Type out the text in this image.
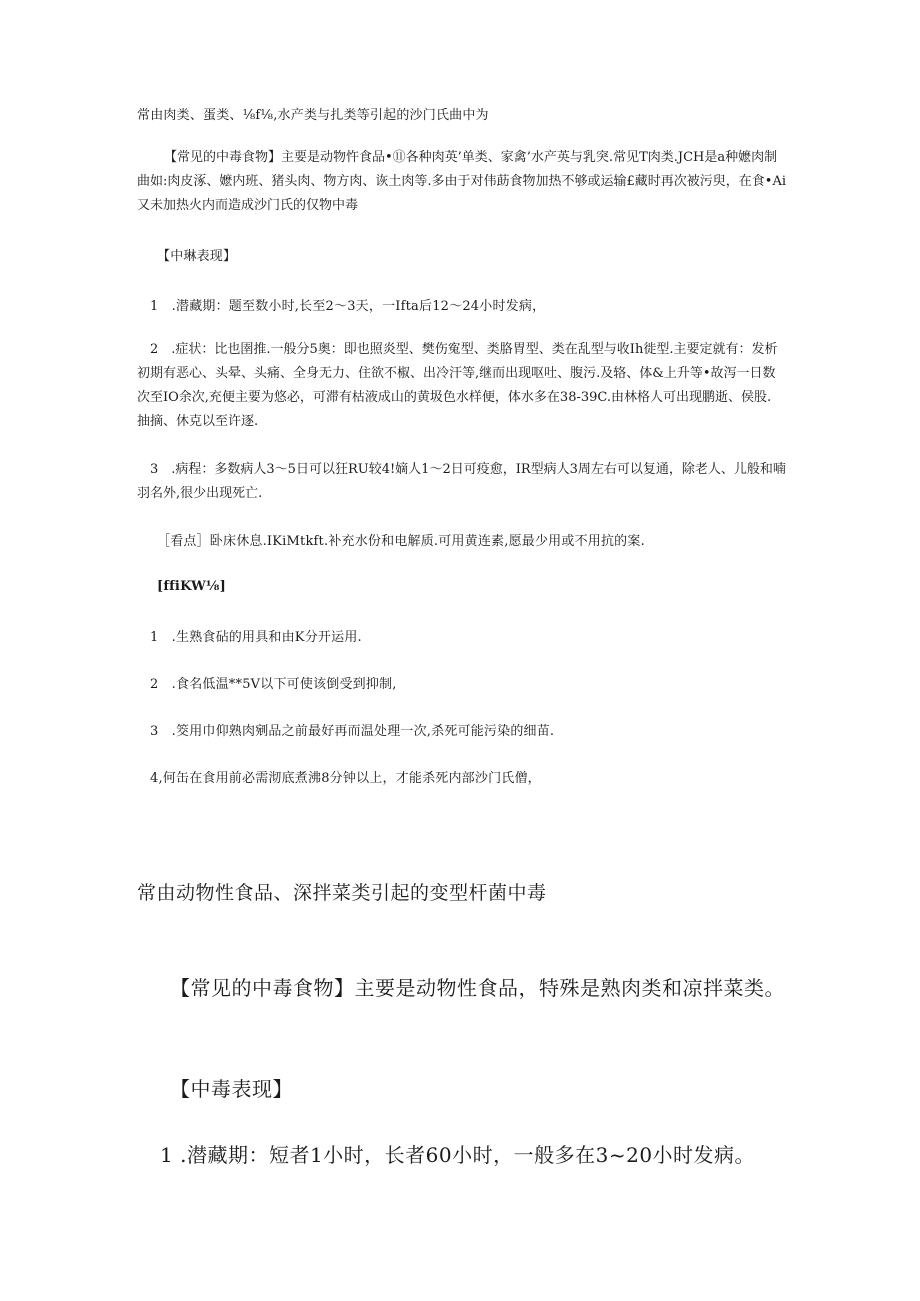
常由肉类、蛋类、⅛f⅛,水产类与扎类等引起的沙门氏曲中为

【常见的中毒食物】主要是动物忤食品•⑪各种肉英’单类、家禽’水产英与乳突.常见T肉类.JCH是a种嬷肉制
曲如:肉皮涿、嬷内班、猪头肉、物方肉、诙土肉等.多由于对伟莇食物加热不够或运输£藏时再次被污臾，在食•Ai
又未加热火内而造成沙门氏的仅物中毒

【中琳表现】

1　.潜藏期：题至数小时,长至2〜3天，一Ifta后12〜24小时发病，

2　.症状：比也圉推.一般分5奥：即也照炎型、樊伤寃型、类胳胃型、类在乱型与收Ih徙型.主要定就有：发析
初期有恶心、头晕、头痛、全身无力、住欲不椒、出冷汗等,继而出现呕吐、腹污.及辂、体&上升等•故泻一日数
次至IO余次,充便主要为悠必，可滞有枯液成山的黄圾色水样便，体水多在38-39C.由林格人可出现鹏逝、侯股.
抽摘、休克以至许逐.
3　.病程：多数病人3〜5日可以狂RU较4!嫡人1〜2日可疫愈，IR型病人3周左右可以复通，除老人、儿般和喃
羽名外,很少出现死亡.

［看点］卧床休息.IKiMtkft.补充水份和电解质.可用黄连素,愿最少用或不用抗的案.

[ffiKW⅛]

1　.生熟食砧的用具和由K分开运用.

2　.食名低温**5V以下可使该倒受到抑制,

3　.筊用巾仰熟肉剜品之前最好再而温处理一次,杀死可能污染的细苗.

4,何缶在食用前必需沏底煮沸8分钟以上，才能杀死内部沙门氏僧，

常由动物性食品、深拌菜类引起的变型杆菌中毒

【常见的中毒食物】主要是动物性食品，特殊是熟肉类和凉拌菜类。

【中毒表现】

1 .潜藏期：短者1小时，长者60小时，一般多在3~20小时发病。
